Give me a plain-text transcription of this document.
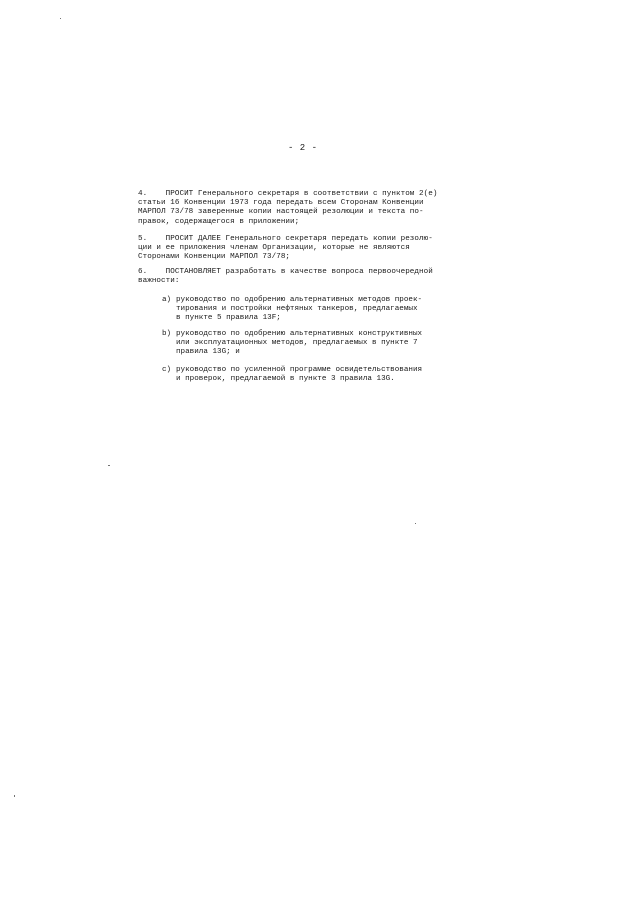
- 2 -
4.    ПРОСИТ Генерального секретаря в соответствии с пунктом 2(е)
статьи 16 Конвенции 1973 года передать всем Сторонам Конвенции
МАРПОЛ 73/78 заверенные копии настоящей резолюции и текста по-
правок, содержащегося в приложении;
5.    ПРОСИТ ДАЛЕЕ Генерального секретаря передать копии резолю-
ции и ее приложения членам Организации, которые не являются
Сторонами Конвенции МАРПОЛ 73/78;
6.    ПОСТАНОВЛЯЕТ разработать в качестве вопроса первоочередной
важности:
a) руководство по одобрению альтернативных методов проек-
тирования и постройки нефтяных танкеров, предлагаемых
в пункте 5 правила 13F;
b) руководство по одобрению альтернативных конструктивных
или эксплуатационных методов, предлагаемых в пункте 7
правила 13G; и
c) руководство по усиленной программе освидетельствования
и проверок, предлагаемой в пункте 3 правила 13G.
